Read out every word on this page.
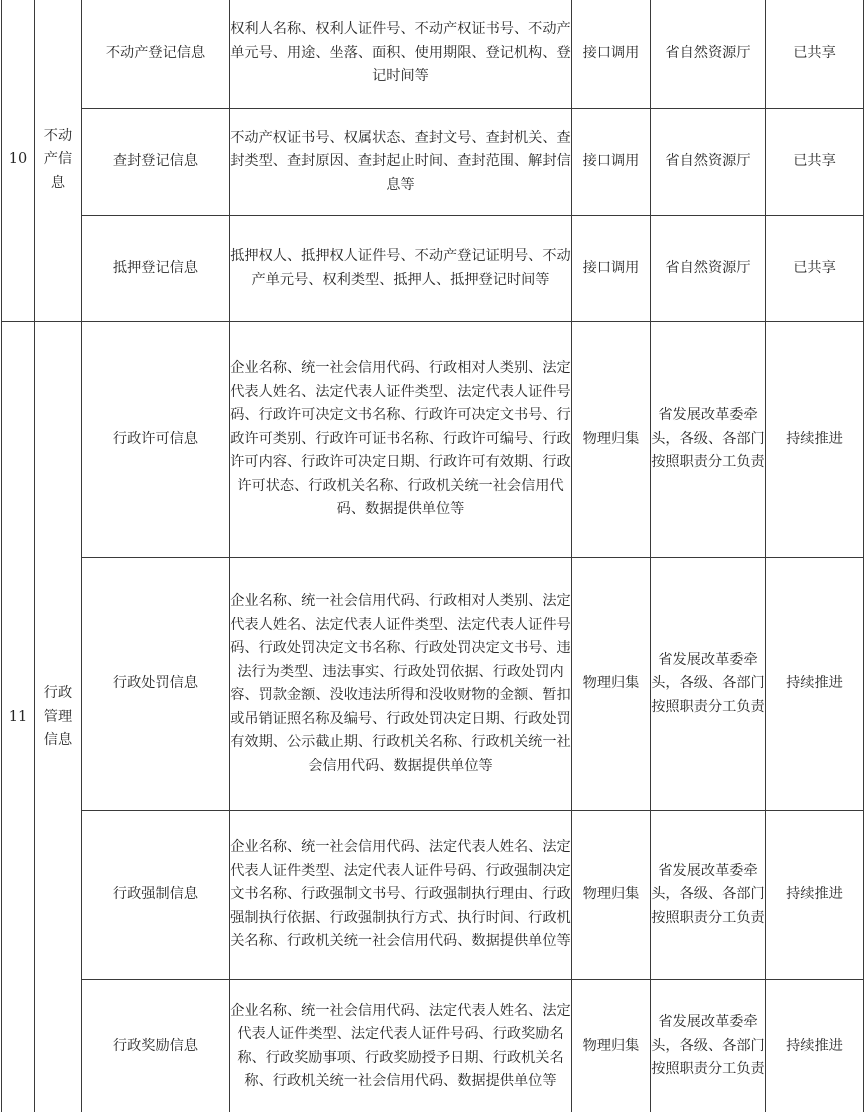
10	不动产信息	不动产登记信息	权利人名称、权利人证件号、不动产权证书号、不动产单元号、用途、坐落、面积、使用期限、登记机构、登记时间等	接口调用	省自然资源厅	已共享
		查封登记信息	不动产权证书号、权属状态、查封文号、查封机关、查封类型、查封原因、查封起止时间、查封范围、解封信息等	接口调用	省自然资源厅	已共享
		抵押登记信息	抵押权人、抵押权人证件号、不动产登记证明号、不动产单元号、权利类型、抵押人、抵押登记时间等	接口调用	省自然资源厅	已共享
11	行政管理信息	行政许可信息	企业名称、统一社会信用代码、行政相对人类别、法定代表人姓名、法定代表人证件类型、法定代表人证件号码、行政许可决定文书名称、行政许可决定文书号、行政许可类别、行政许可证书名称、行政许可编号、行政许可内容、行政许可决定日期、行政许可有效期、行政许可状态、行政机关名称、行政机关统一社会信用代码、数据提供单位等	物理归集	省发展改革委牵头，各级、各部门按照职责分工负责	持续推进
		行政处罚信息	企业名称、统一社会信用代码、行政相对人类别、法定代表人姓名、法定代表人证件类型、法定代表人证件号码、行政处罚决定文书名称、行政处罚决定文书号、违法行为类型、违法事实、行政处罚依据、行政处罚内容、罚款金额、没收违法所得和没收财物的金额、暂扣或吊销证照名称及编号、行政处罚决定日期、行政处罚有效期、公示截止期、行政机关名称、行政机关统一社会信用代码、数据提供单位等	物理归集	省发展改革委牵头，各级、各部门按照职责分工负责	持续推进
		行政强制信息	企业名称、统一社会信用代码、法定代表人姓名、法定代表人证件类型、法定代表人证件号码、行政强制决定文书名称、行政强制文书号、行政强制执行理由、行政强制执行依据、行政强制执行方式、执行时间、行政机关名称、行政机关统一社会信用代码、数据提供单位等	物理归集	省发展改革委牵头，各级、各部门按照职责分工负责	持续推进
		行政奖励信息	企业名称、统一社会信用代码、法定代表人姓名、法定代表人证件类型、法定代表人证件号码、行政奖励名称、行政奖励事项、行政奖励授予日期、行政机关名称、行政机关统一社会信用代码、数据提供单位等	物理归集	省发展改革委牵头，各级、各部门按照职责分工负责	持续推进
